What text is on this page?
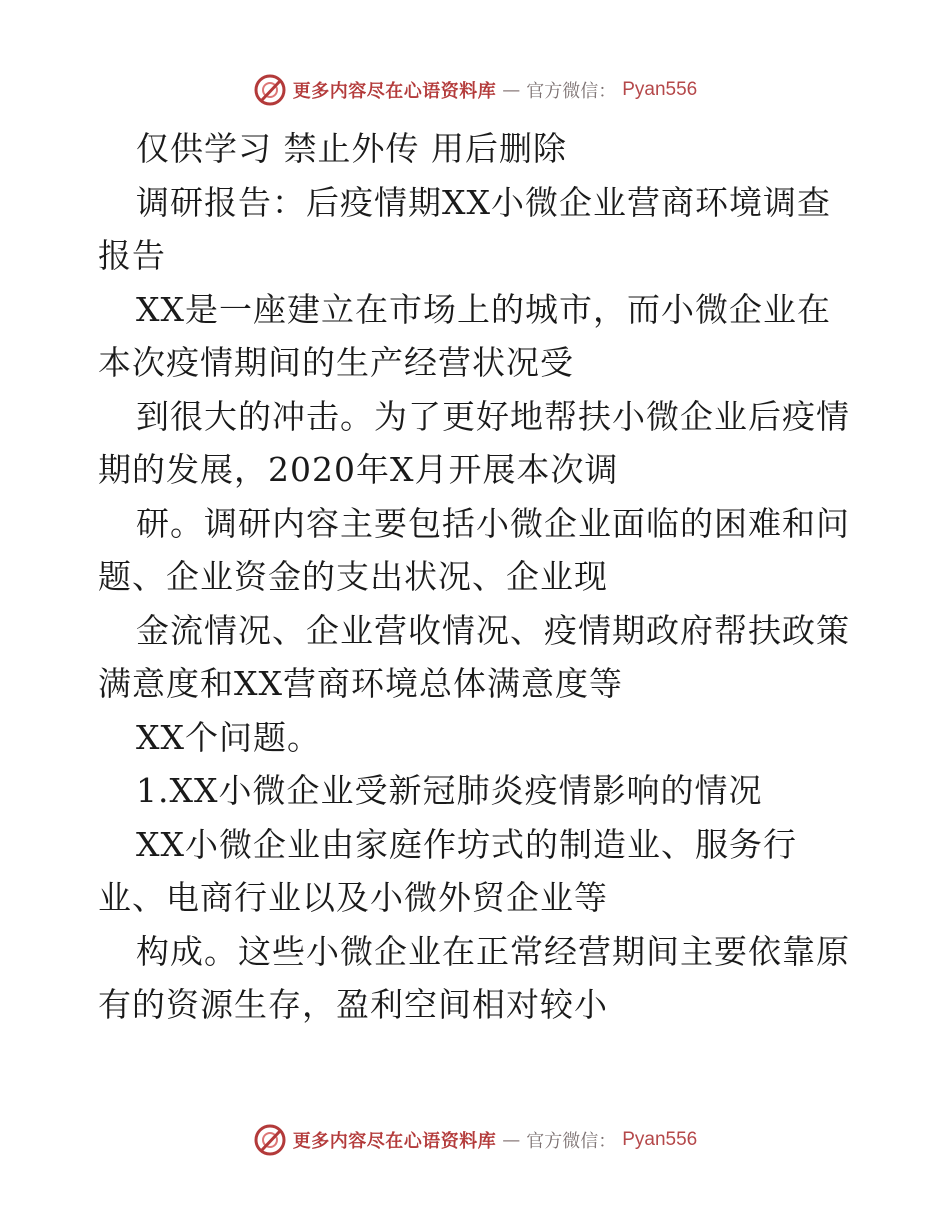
更多内容尽在心语资料库 — 官方微信： Pyan556
仅供学习 禁止外传 用后删除
调研报告：后疫情期XX小微企业营商环境调查
报告
XX是一座建立在市场上的城市，而小微企业在
本次疫情期间的生产经营状况受
到很大的冲击。为了更好地帮扶小微企业后疫情
期的发展，2020年X月开展本次调
研。调研内容主要包括小微企业面临的困难和问
题、企业资金的支出状况、企业现
金流情况、企业营收情况、疫情期政府帮扶政策
满意度和XX营商环境总体满意度等
XX个问题。
1.XX小微企业受新冠肺炎疫情影响的情况
XX小微企业由家庭作坊式的制造业、服务行
业、电商行业以及小微外贸企业等
构成。这些小微企业在正常经营期间主要依靠原
有的资源生存，盈利空间相对较小
更多内容尽在心语资料库 — 官方微信： Pyan556
